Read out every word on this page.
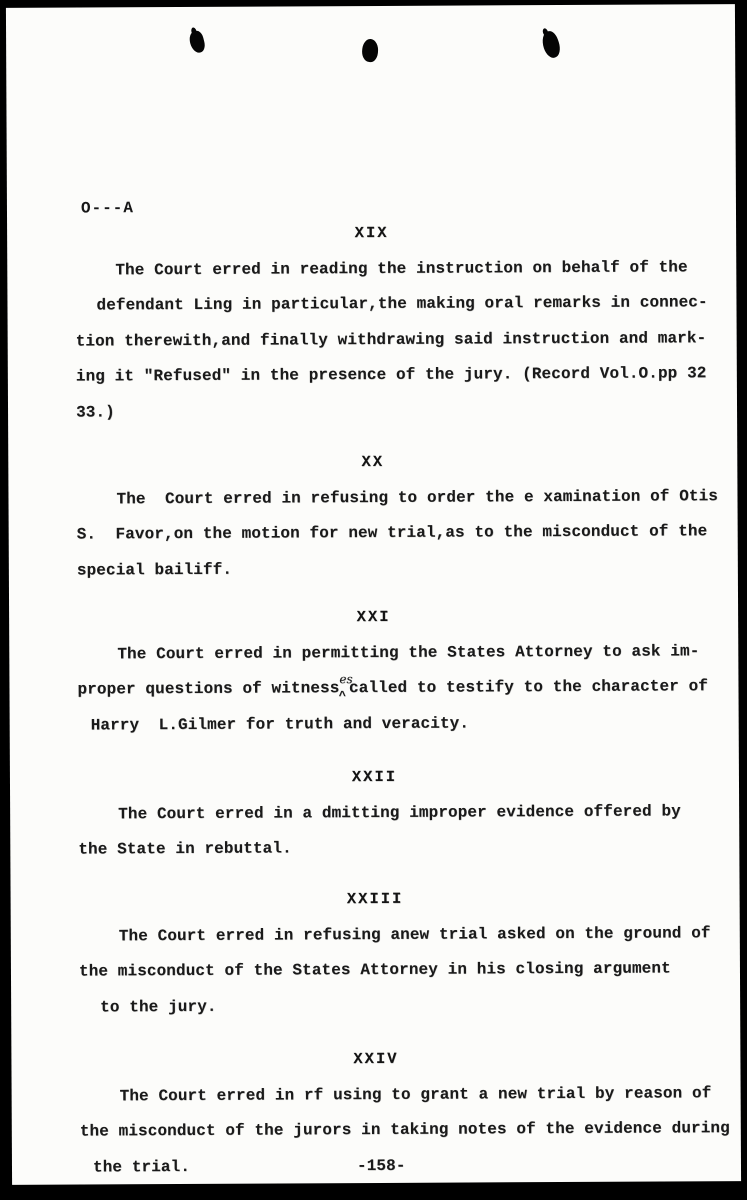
O---A
XIX
The Court erred in reading the instruction on behalf of the
defendant Ling in particular,the making oral remarks in connec-
tion therewith,and finally withdrawing said instruction and mark-
ing it "Refused" in the presence of the jury. (Record Vol.O.pp 32
33.)
XX
The  Court erred in refusing to order the e xamination of Otis
S.  Favor,on the motion for new trial,as to the misconduct of the
special bailiff.
XXI
The Court erred in permitting the States Attorney to ask im-
proper questions of witness$^{es}$^ called to testify to the character of
Harry  L.Gilmer for truth and veracity.
XXII
The Court erred in a dmitting improper evidence offered by
the State in rebuttal.
XXIII
The Court erred in refusing anew trial asked on the ground of
the misconduct of the States Attorney in his closing argument
to the jury.
XXIV
The Court erred in rf using to grant a new trial by reason of
the misconduct of the jurors in taking notes of the evidence during
the trial.	-158-
